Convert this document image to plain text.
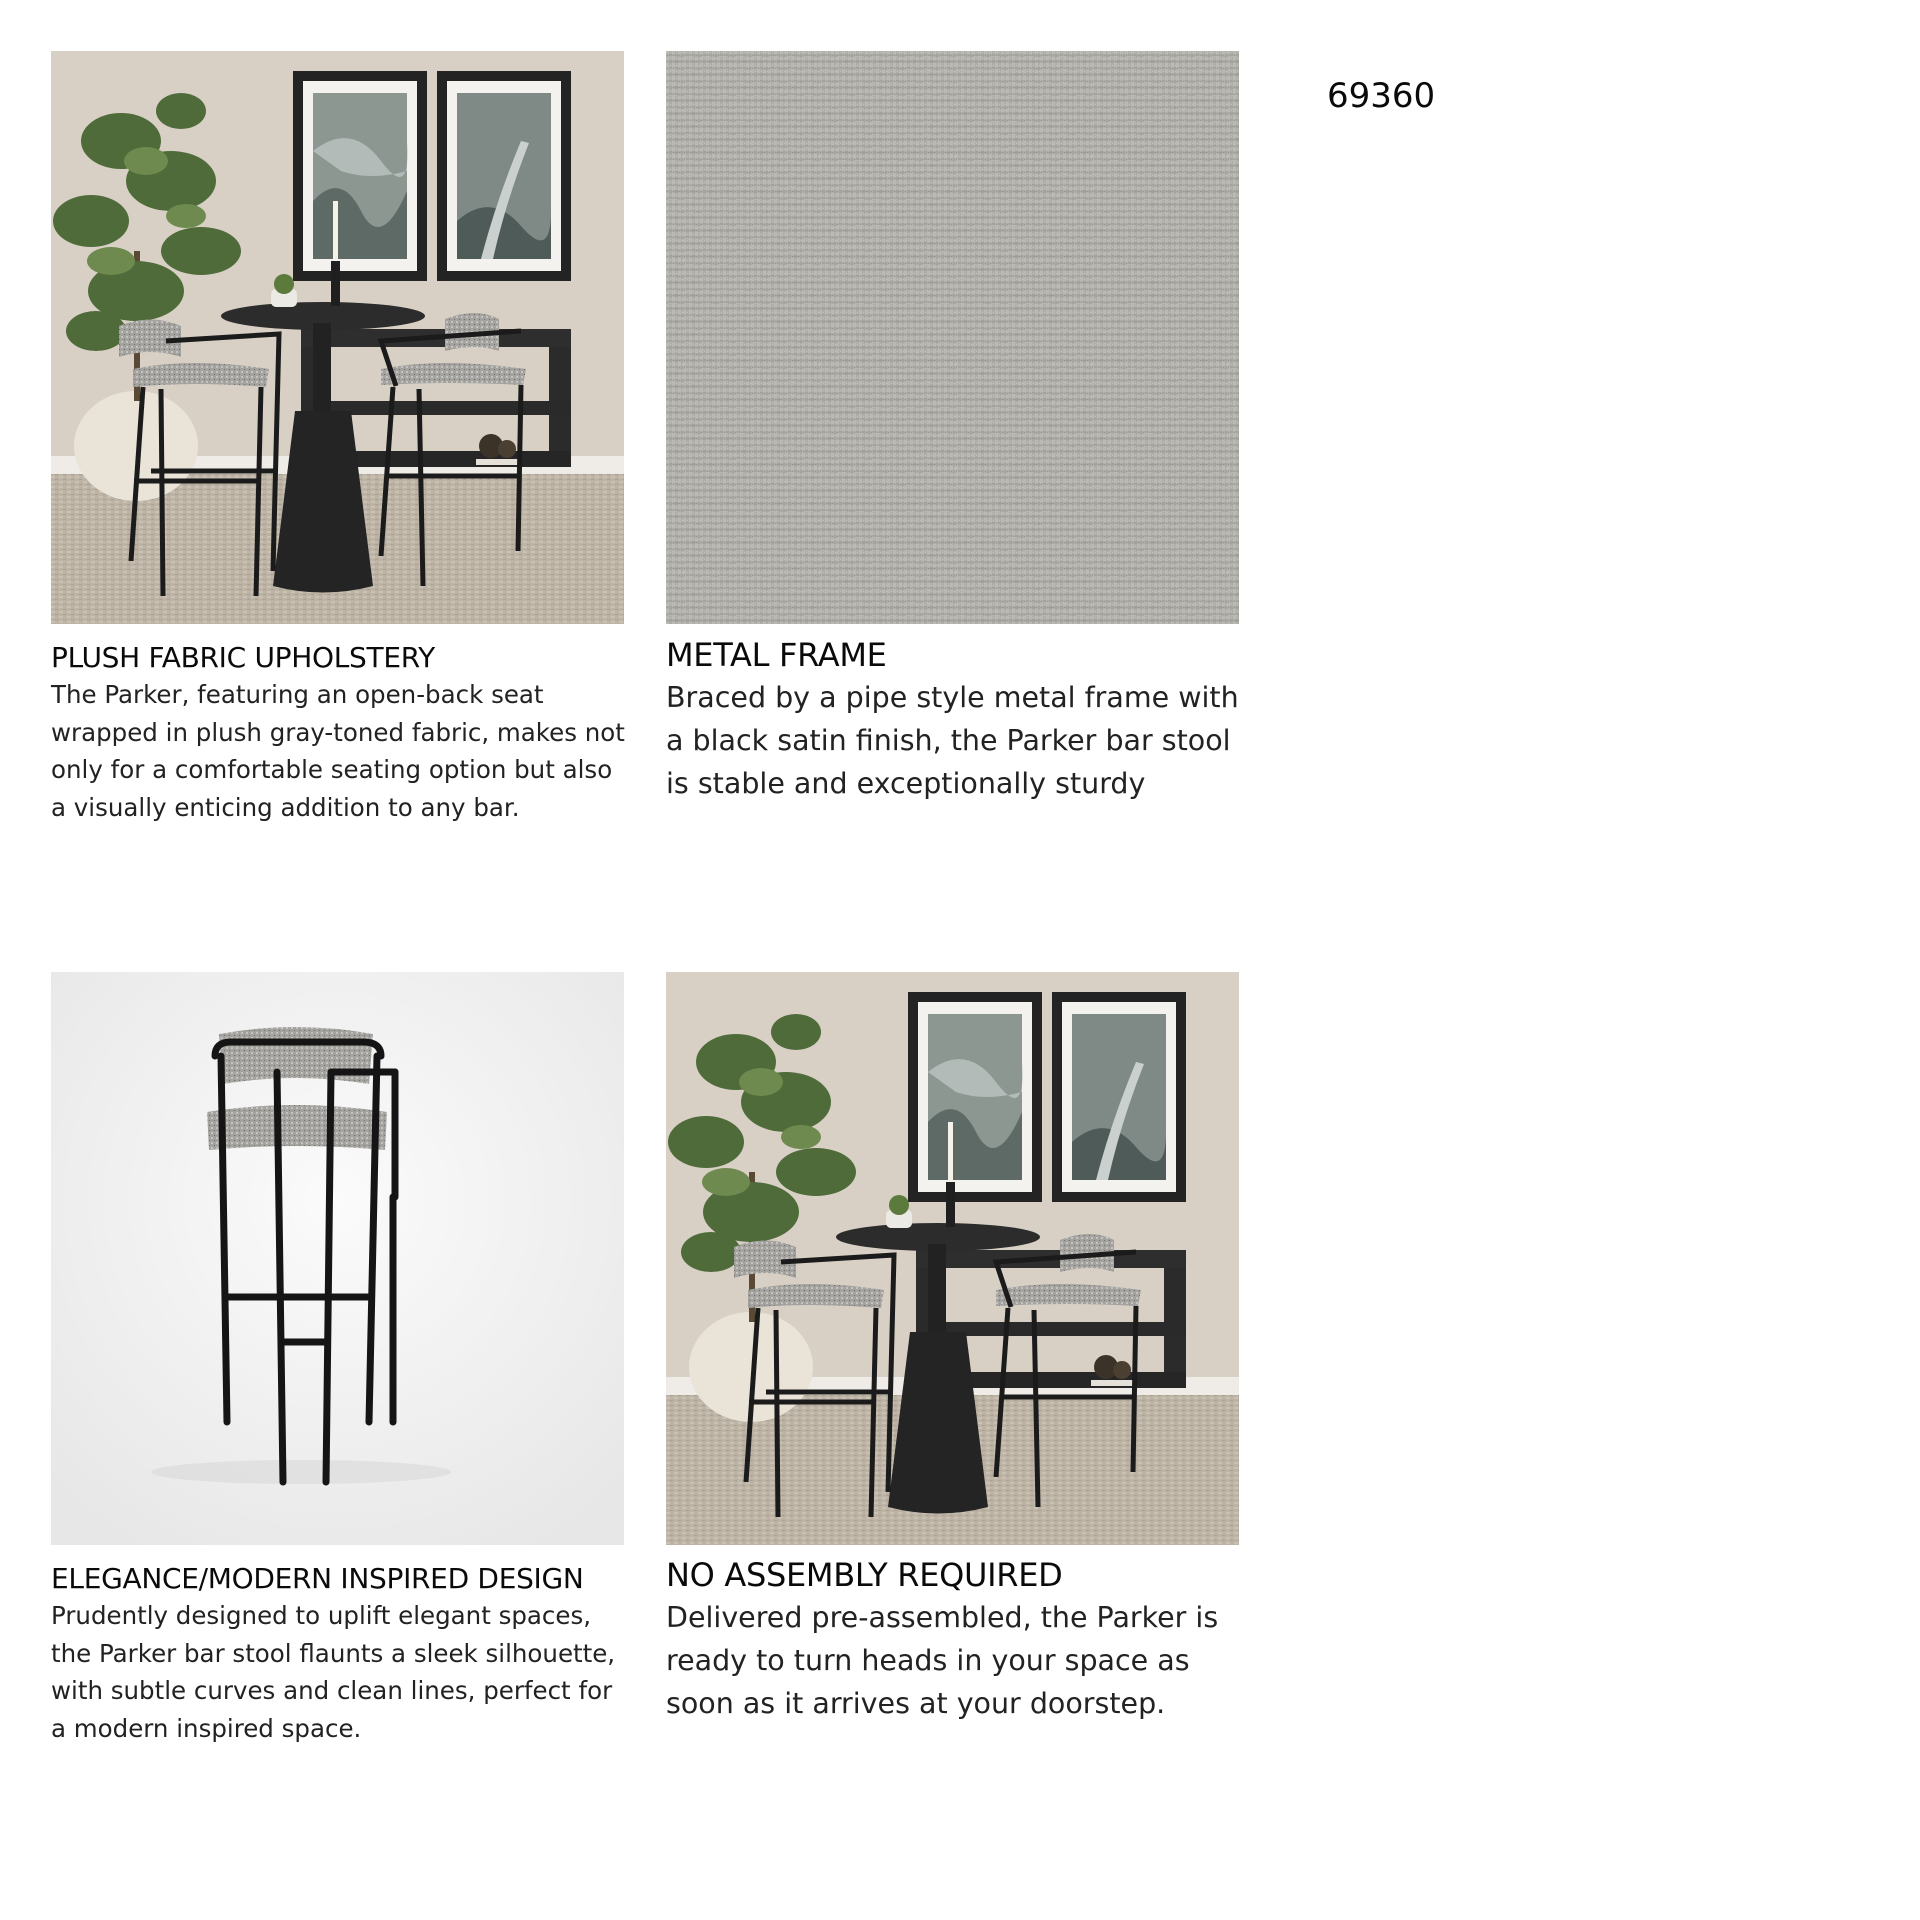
PLUSH FABRIC UPHOLSTERY

The Parker, featuring an open-back seat wrapped in plush gray-toned fabric, makes not only for a comfortable seating option but also a visually enticing addition to any bar.

METAL FRAME

Braced by a pipe style metal frame with a black satin finish, the Parker bar stool is stable and exceptionally sturdy

ELEGANCE/MODERN INSPIRED DESIGN

Prudently designed to uplift elegant spaces, the Parker bar stool flaunts a sleek silhouette, with subtle curves and clean lines, perfect for a modern inspired space.

NO ASSEMBLY REQUIRED

Delivered pre-assembled, the Parker is ready to turn heads in your space as soon as it arrives at your doorstep.

69360
